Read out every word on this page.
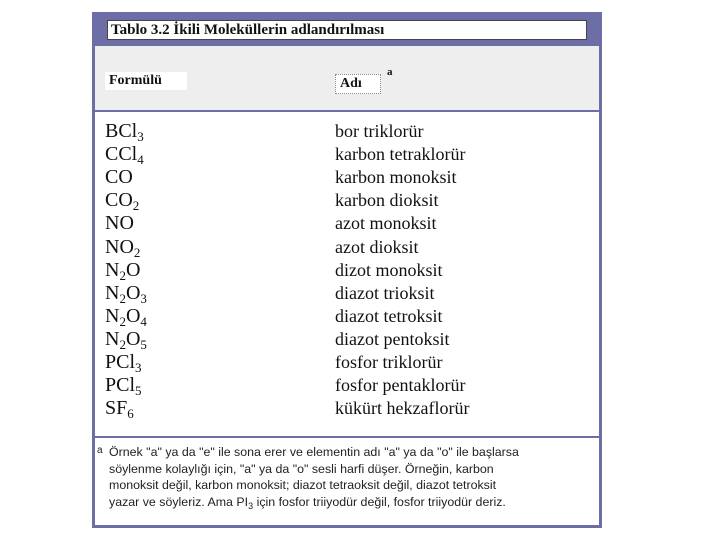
Tablo 3.2 İkili Moleküllerin adlandırılması
Formülü	Adı
a
BCl$_3$	bor triklorür
CCl$_4$	karbon tetraklorür
CO	karbon monoksit
$CO_2$	karbon dioksit
NO	azot monoksit
$NO_2$	azot dioksit
$N_2O$	dizot monoksit
$N_2O_3$	diazot trioksit
$N_2O_4$	diazot tetroksit
$N_2O_5$	diazot pentoksit
PCl$_3$	fosfor triklorür
PCl$_5$	fosfor pentaklorür
$SF_6$	kükürt hekzaflorür
a Örnek "a" ya da "e" ile sona erer ve elementin adı "a" ya da "o" ile başlarsa
söylenme kolaylığı için, "a" ya da "o" sesli harfi düşer. Örneğin, karbon
monoksit değil, karbon monoksit; diazot tetraoksit değil, diazot tetroksit
yazar ve söyleriz. Ama $PI_3$ için fosfor triiyodür değil, fosfor triiyodür deriz.
